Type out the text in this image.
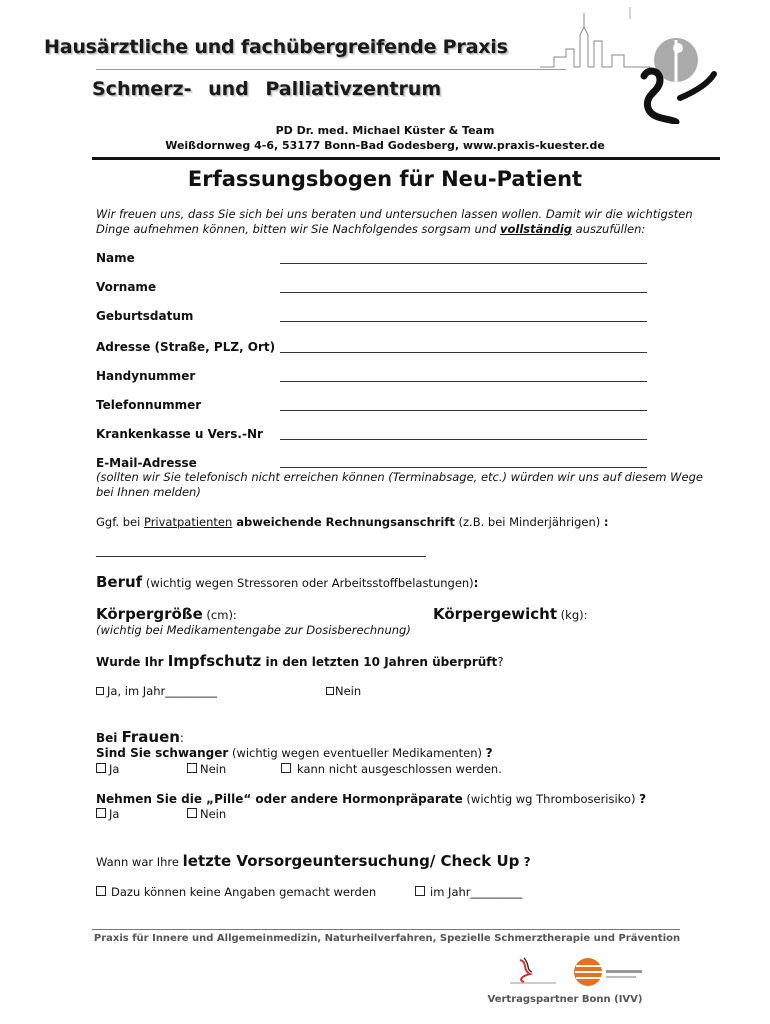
Hausärztliche und fachübergreifende Praxis
Schmerz- und Palliativzentrum
PD Dr. med. Michael Küster & Team
Weißdornweg 4-6, 53177 Bonn-Bad Godesberg, www.praxis-kuester.de
Erfassungsbogen für Neu-Patient
Wir freuen uns, dass Sie sich bei uns beraten und untersuchen lassen wollen. Damit wir die wichtigsten Dinge aufnehmen können, bitten wir Sie Nachfolgendes sorgsam und vollständig auszufüllen:
Name
Vorname
Geburtsdatum
Adresse (Straße, PLZ, Ort)
Handynummer
Telefonnummer
Krankenkasse u Vers.-Nr
E-Mail-Adresse
(sollten wir Sie telefonisch nicht erreichen können (Terminabsage, etc.) würden wir uns auf diesem Wege bei Ihnen melden)
Ggf. bei Privatpatienten abweichende Rechnungsanschrift (z.B. bei Minderjährigen) :
_______________________________________________________
Beruf (wichtig wegen Stressoren oder Arbeitsstoffbelastungen):
Körpergröße (cm):	Körpergewicht (kg):
(wichtig bei Medikamentengabe zur Dosisberechnung)
Wurde Ihr Impfschutz in den letzten 10 Jahren überprüft?
Ja, im Jahr_________	Nein
Bei Frauen:
Sind Sie schwanger (wichtig wegen eventueller Medikamenten) ?
Ja	Nein	kann nicht ausgeschlossen werden.
Nehmen Sie die „Pille“ oder andere Hormonpräparate (wichtig wg Thromboserisiko) ?
Ja	Nein
Wann war Ihre letzte Vorsorgeuntersuchung/ Check Up ?
Dazu können keine Angaben gemacht werden	im Jahr_________
Praxis für Innere und Allgemeinmedizin, Naturheilverfahren, Spezielle Schmerztherapie und Prävention
Vertragspartner Bonn (IVV)
